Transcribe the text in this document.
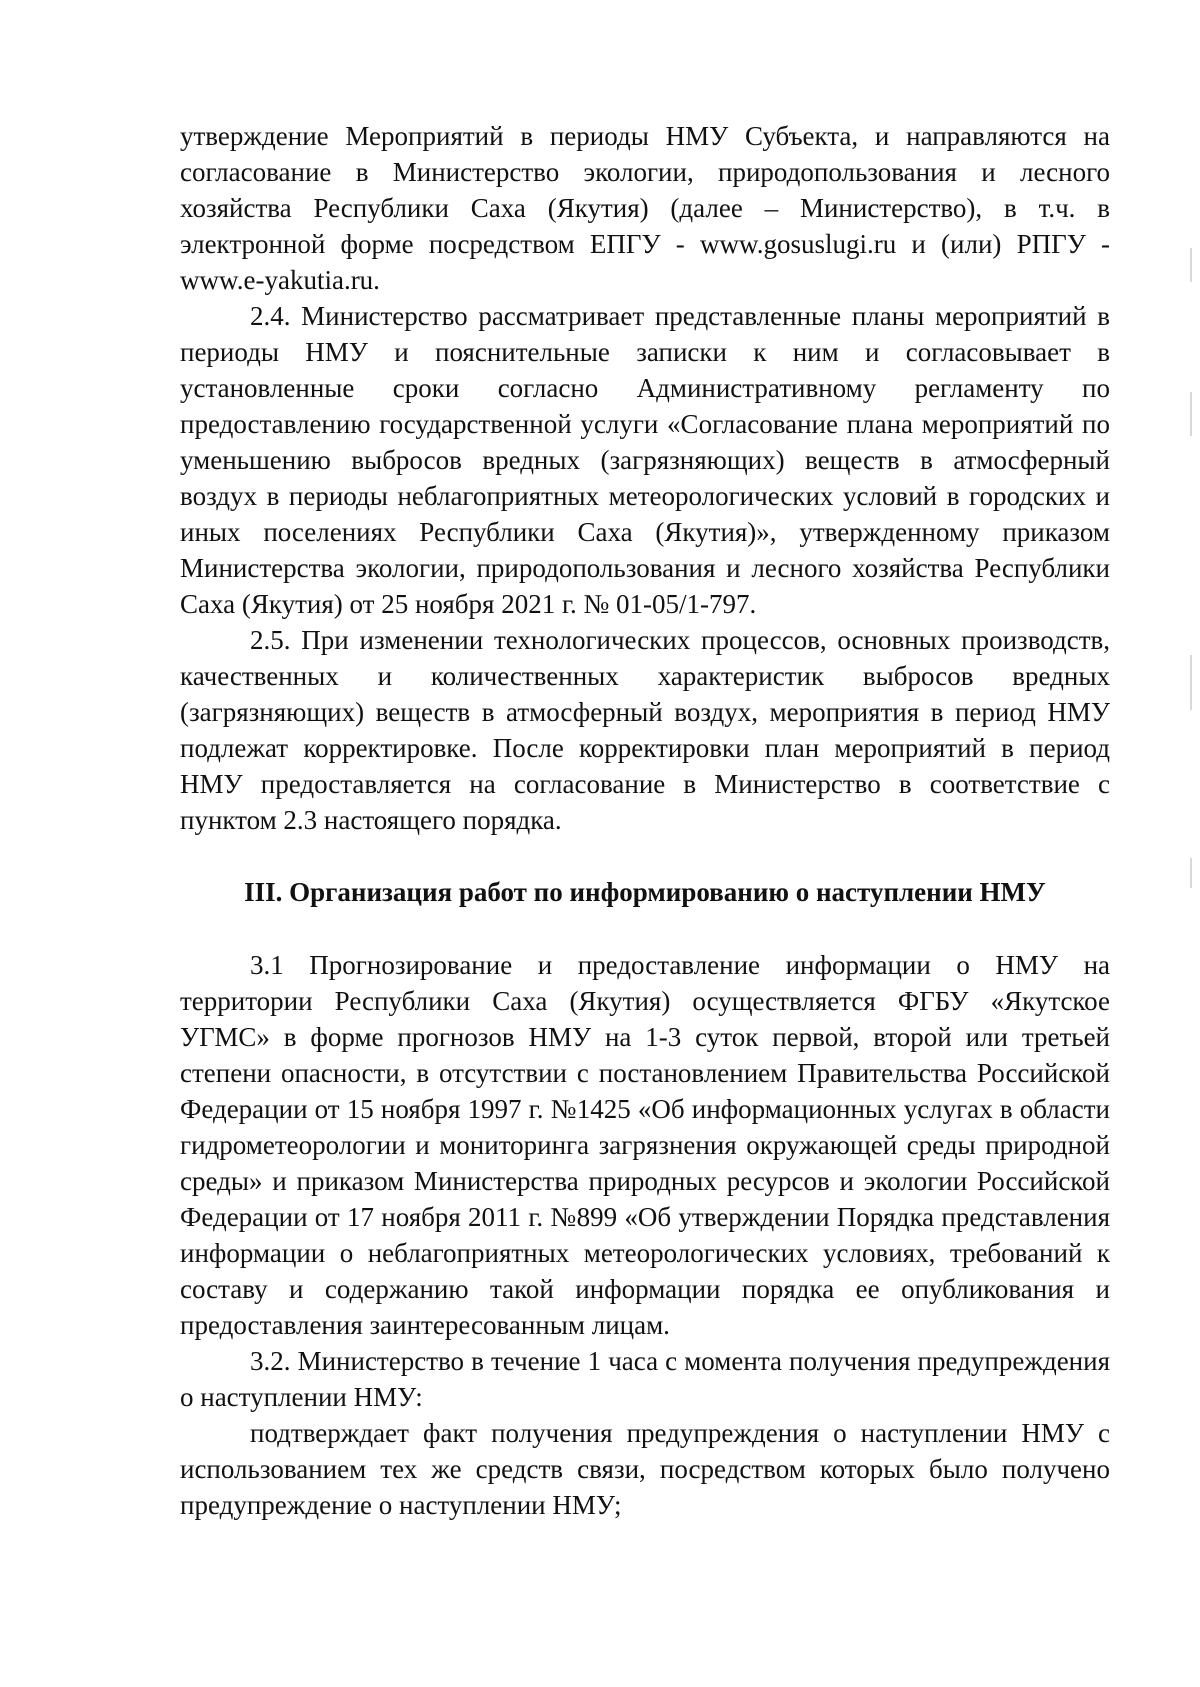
утверждение Мероприятий в периоды НМУ Субъекта, и направляются на согласование в Министерство экологии, природопользования и лесного хозяйства Республики Саха (Якутия) (далее – Министерство), в т.ч. в электронной форме посредством ЕПГУ - www.gosuslugi.ru и (или) РПГУ - www.e-yakutia.ru.

2.4. Министерство рассматривает представленные планы мероприятий в периоды НМУ и пояснительные записки к ним и согласовывает в установленные сроки согласно Административному регламенту по предоставлению государственной услуги «Согласование плана мероприятий по уменьшению выбросов вредных (загрязняющих) веществ в атмосферный воздух в периоды неблагоприятных метеорологических условий в городских и иных поселениях Республики Саха (Якутия)», утвержденному приказом Министерства экологии, природопользования и лесного хозяйства Республики Саха (Якутия) от 25 ноября 2021 г. № 01-05/1-797.

2.5. При изменении технологических процессов, основных производств, качественных и количественных характеристик выбросов вредных (загрязняющих) веществ в атмосферный воздух, мероприятия в период НМУ подлежат корректировке. После корректировки план мероприятий в период НМУ предоставляется на согласование в Министерство в соответствие с пунктом 2.3 настоящего порядка.

III. Организация работ по информированию о наступлении НМУ

3.1 Прогнозирование и предоставление информации о НМУ на территории Республики Саха (Якутия) осуществляется ФГБУ «Якутское УГМС» в форме прогнозов НМУ на 1-3 суток первой, второй или третьей степени опасности, в отсутствии с постановлением Правительства Российской Федерации от 15 ноября 1997 г. №1425 «Об информационных услугах в области гидрометеорологии и мониторинга загрязнения окружающей среды природной среды» и приказом Министерства природных ресурсов и экологии Российской Федерации от 17 ноября 2011 г. №899 «Об утверждении Порядка представления информации о неблагоприятных метеорологических условиях, требований к составу и содержанию такой информации порядка ее опубликования и предоставления заинтересованным лицам.

3.2. Министерство в течение 1 часа с момента получения предупреждения о наступлении НМУ:

подтверждает факт получения предупреждения о наступлении НМУ с использованием тех же средств связи, посредством которых было получено предупреждение о наступлении НМУ;
